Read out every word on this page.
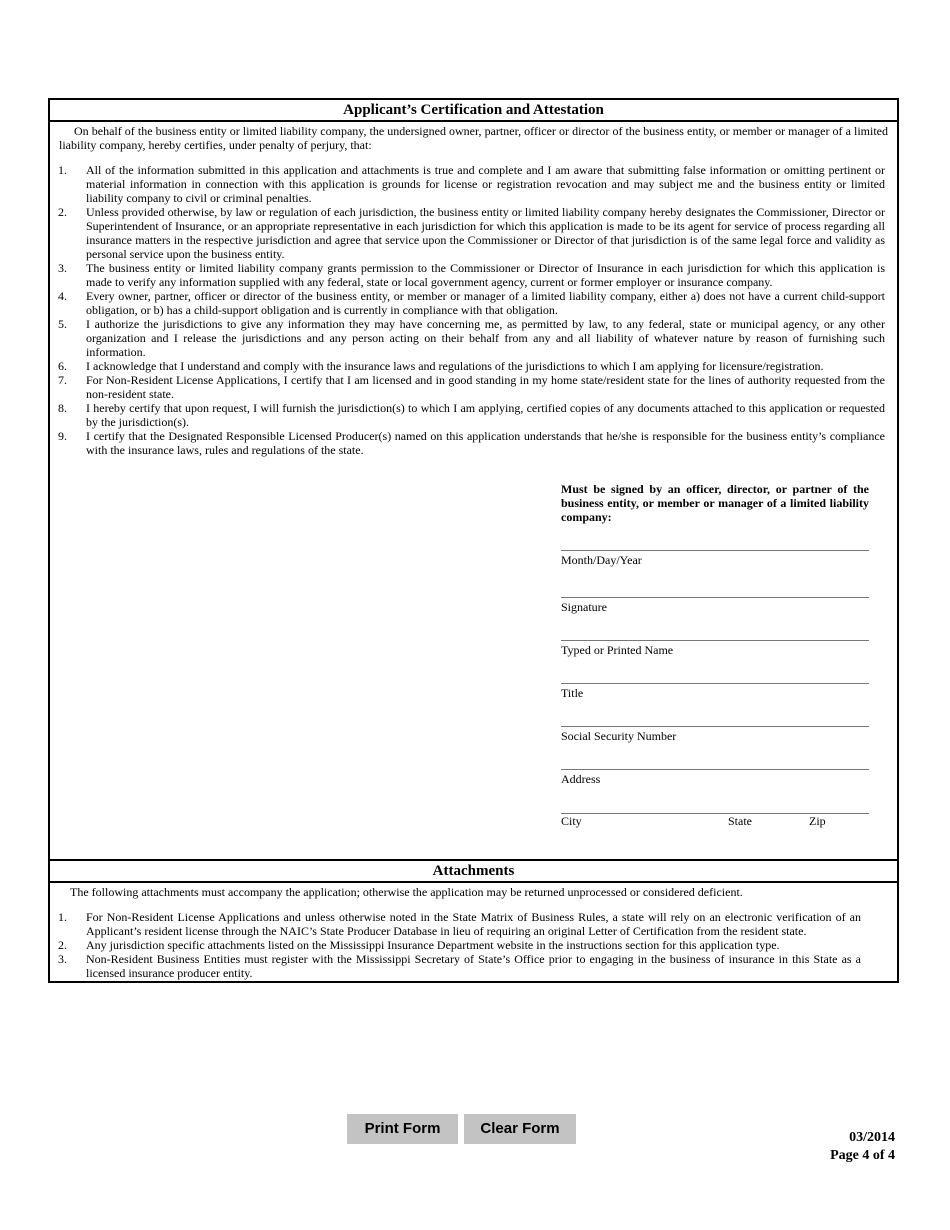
Applicant’s Certification and Attestation
On behalf of the business entity or limited liability company, the undersigned owner, partner, officer or director of the business entity, or member or manager of a limited liability company, hereby certifies, under penalty of perjury, that:
1. All of the information submitted in this application and attachments is true and complete and I am aware that submitting false information or omitting pertinent or material information in connection with this application is grounds for license or registration revocation and may subject me and the business entity or limited liability company to civil or criminal penalties.
2. Unless provided otherwise, by law or regulation of each jurisdiction, the business entity or limited liability company hereby designates the Commissioner, Director or Superintendent of Insurance, or an appropriate representative in each jurisdiction for which this application is made to be its agent for service of process regarding all insurance matters in the respective jurisdiction and agree that service upon the Commissioner or Director of that jurisdiction is of the same legal force and validity as personal service upon the business entity.
3. The business entity or limited liability company grants permission to the Commissioner or Director of Insurance in each jurisdiction for which this application is made to verify any information supplied with any federal, state or local government agency, current or former employer or insurance company.
4. Every owner, partner, officer or director of the business entity, or member or manager of a limited liability company, either a) does not have a current child-support obligation, or b) has a child-support obligation and is currently in compliance with that obligation.
5. I authorize the jurisdictions to give any information they may have concerning me, as permitted by law, to any federal, state or municipal agency, or any other organization and I release the jurisdictions and any person acting on their behalf from any and all liability of whatever nature by reason of furnishing such information.
6. I acknowledge that I understand and comply with the insurance laws and regulations of the jurisdictions to which I am applying for licensure/registration.
7. For Non-Resident License Applications, I certify that I am licensed and in good standing in my home state/resident state for the lines of authority requested from the non-resident state.
8. I hereby certify that upon request, I will furnish the jurisdiction(s) to which I am applying, certified copies of any documents attached to this application or requested by the jurisdiction(s).
9. I certify that the Designated Responsible Licensed Producer(s) named on this application understands that he/she is responsible for the business entity’s compliance with the insurance laws, rules and regulations of the state.
Must be signed by an officer, director, or partner of the business entity, or member or manager of a limited liability company:
Month/Day/Year
Signature
Typed or Printed Name
Title
Social Security Number
Address
City	State	Zip
Attachments
The following attachments must accompany the application; otherwise the application may be returned unprocessed or considered deficient.
1. For Non-Resident License Applications and unless otherwise noted in the State Matrix of Business Rules, a state will rely on an electronic verification of an Applicant’s resident license through the NAIC’s State Producer Database in lieu of requiring an original Letter of Certification from the resident state.
2. Any jurisdiction specific attachments listed on the Mississippi Insurance Department website in the instructions section for this application type.
3. Non-Resident Business Entities must register with the Mississippi Secretary of State’s Office prior to engaging in the business of insurance in this State as a licensed insurance producer entity.
Print Form	Clear Form
03/2014
Page 4 of 4
